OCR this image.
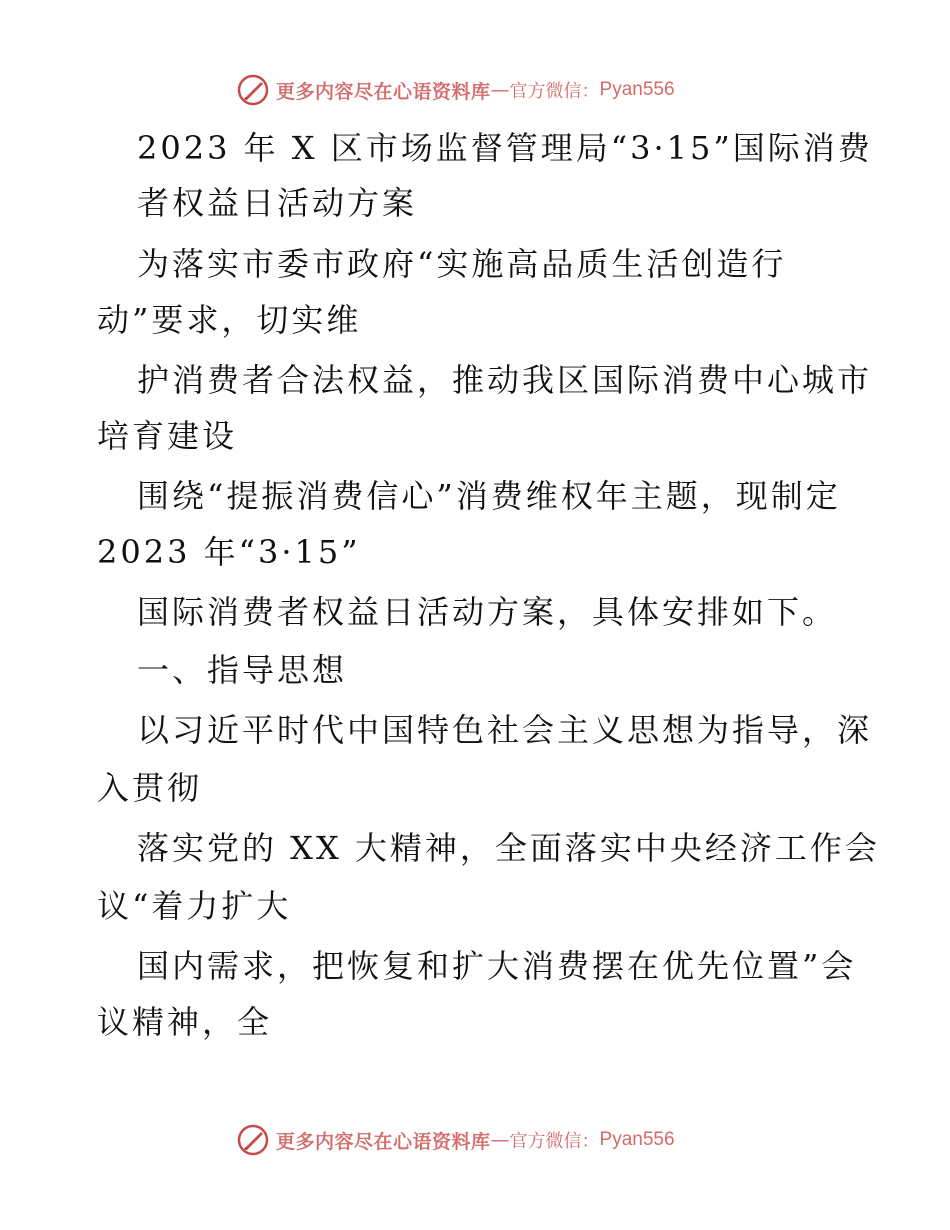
更多内容尽在心语资料库 — 官方微信： Pyan556
2023 年 X 区市场监督管理局“3·15”国际消费
者权益日活动方案
为落实市委市政府“实施高品质生活创造行
动”要求，切实维
护消费者合法权益，推动我区国际消费中心城市
培育建设
围绕“提振消费信心”消费维权年主题，现制定
2023 年“3·15”
国际消费者权益日活动方案，具体安排如下。
一、指导思想
以习近平时代中国特色社会主义思想为指导，深
入贯彻
落实党的 XX 大精神，全面落实中央经济工作会
议“着力扩大
国内需求，把恢复和扩大消费摆在优先位置”会
议精神，全
更多内容尽在心语资料库 — 官方微信： Pyan556
